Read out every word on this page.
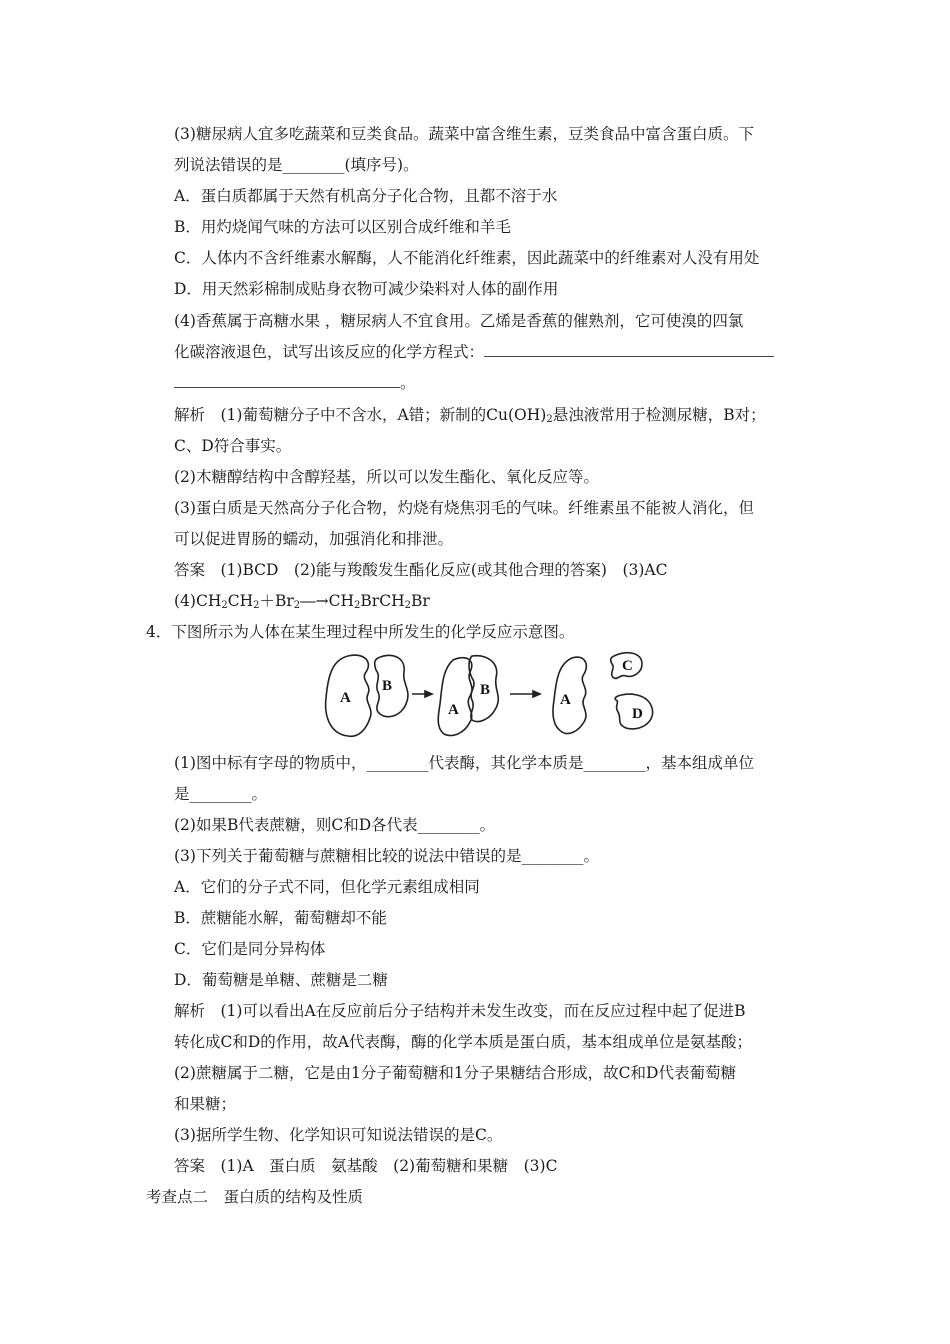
(3)糖尿病人宜多吃蔬菜和豆类食品。蔬菜中富含维生素，豆类食品中富含蛋白质。下
列说法错误的是________(填序号)。
A．蛋白质都属于天然有机高分子化合物，且都不溶于水
B．用灼烧闻气味的方法可以区别合成纤维和羊毛
C．人体内不含纤维素水解酶，人不能消化纤维素，因此蔬菜中的纤维素对人没有用处
D．用天然彩棉制成贴身衣物可减少染料对人体的副作用
(4)香蕉属于高糖水果 ，糖尿病人不宜食用。乙烯是香蕉的催熟剂，它可使溴的四氯
化碳溶液退色，试写出该反应的化学方程式：
。
解析　(1)葡萄糖分子中不含水，A错；新制的$Cu(OH)_2$悬浊液常用于检测尿糖，B对；
C、D符合事实。
(2)木糖醇结构中含醇羟基，所以可以发生酯化、氧化反应等。
(3)蛋白质是天然高分子化合物，灼烧有烧焦羽毛的气味。纤维素虽不能被人消化，但
可以促进胃肠的蠕动，加强消化和排泄。
答案　(1)BCD　(2)能与羧酸发生酯化反应(或其他合理的答案)　(3)AC
$(4)CH_2CH_2+Br_2―\to CH_2BrCH_2Br$
4．下图所示为人体在某生理过程中所发生的化学反应示意图。
A
B
A
B
A
C
D
(1)图中标有字母的物质中，________代表酶，其化学本质是________，基本组成单位
是________。
(2)如果B代表蔗糖，则C和D各代表________。
(3)下列关于葡萄糖与蔗糖相比较的说法中错误的是________。
A．它们的分子式不同，但化学元素组成相同
B．蔗糖能水解，葡萄糖却不能
C．它们是同分异构体
D．葡萄糖是单糖、蔗糖是二糖
解析　(1)可以看出A在反应前后分子结构并未发生改变，而在反应过程中起了促进B
转化成C和D的作用，故A代表酶，酶的化学本质是蛋白质，基本组成单位是氨基酸；
(2)蔗糖属于二糖，它是由1分子葡萄糖和1分子果糖结合形成，故C和D代表葡萄糖
和果糖；
(3)据所学生物、化学知识可知说法错误的是C。
答案　(1)A　蛋白质　氨基酸　(2)葡萄糖和果糖　(3)C
考查点二　蛋白质的结构及性质
